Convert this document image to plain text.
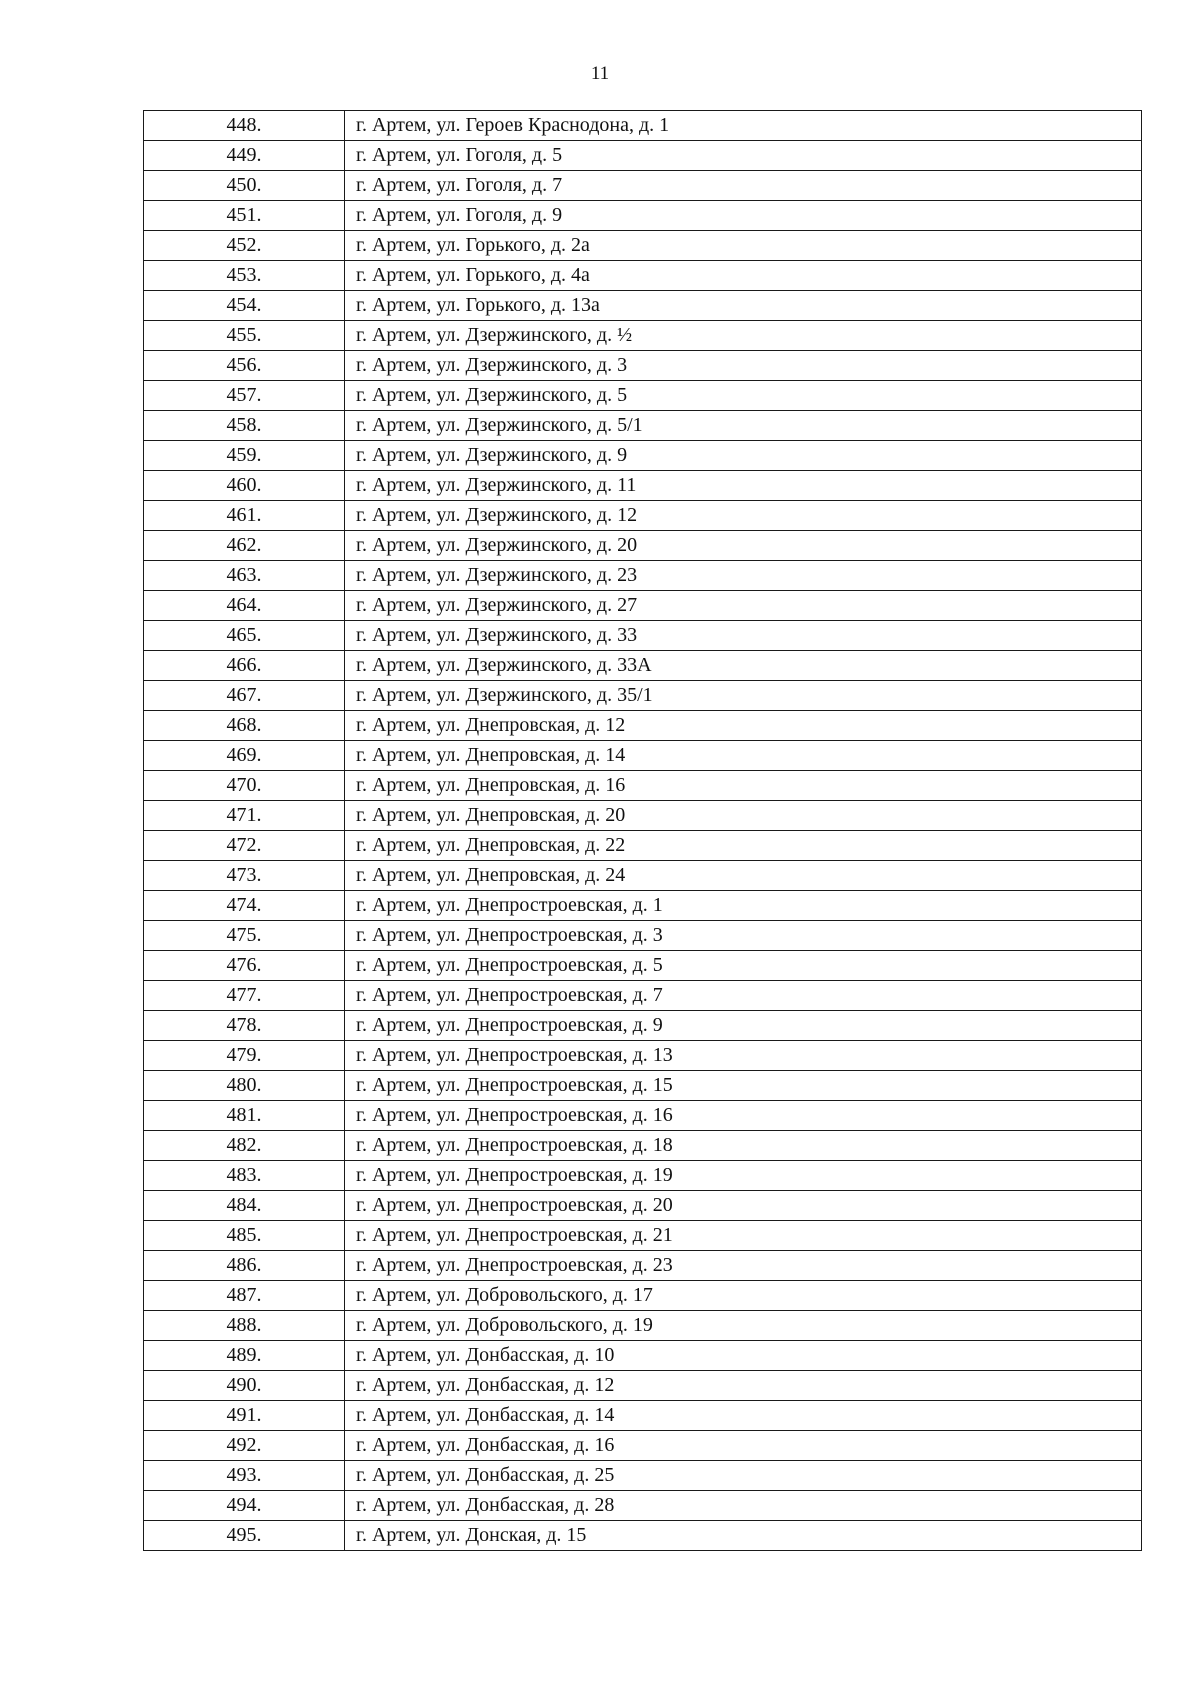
11
448.	г. Артем, ул. Героев Краснодона, д. 1
449.	г. Артем, ул. Гоголя, д. 5
450.	г. Артем, ул. Гоголя, д. 7
451.	г. Артем, ул. Гоголя, д. 9
452.	г. Артем, ул. Горького, д. 2а
453.	г. Артем, ул. Горького, д. 4а
454.	г. Артем, ул. Горького, д. 13а
455.	г. Артем, ул. Дзержинского, д. ½
456.	г. Артем, ул. Дзержинского, д. 3
457.	г. Артем, ул. Дзержинского, д. 5
458.	г. Артем, ул. Дзержинского, д. 5/1
459.	г. Артем, ул. Дзержинского, д. 9
460.	г. Артем, ул. Дзержинского, д. 11
461.	г. Артем, ул. Дзержинского, д. 12
462.	г. Артем, ул. Дзержинского, д. 20
463.	г. Артем, ул. Дзержинского, д. 23
464.	г. Артем, ул. Дзержинского, д. 27
465.	г. Артем, ул. Дзержинского, д. 33
466.	г. Артем, ул. Дзержинского, д. 33А
467.	г. Артем, ул. Дзержинского, д. 35/1
468.	г. Артем, ул. Днепровская, д. 12
469.	г. Артем, ул. Днепровская, д. 14
470.	г. Артем, ул. Днепровская, д. 16
471.	г. Артем, ул. Днепровская, д. 20
472.	г. Артем, ул. Днепровская, д. 22
473.	г. Артем, ул. Днепровская, д. 24
474.	г. Артем, ул. Днепростроевская, д. 1
475.	г. Артем, ул. Днепростроевская, д. 3
476.	г. Артем, ул. Днепростроевская, д. 5
477.	г. Артем, ул. Днепростроевская, д. 7
478.	г. Артем, ул. Днепростроевская, д. 9
479.	г. Артем, ул. Днепростроевская, д. 13
480.	г. Артем, ул. Днепростроевская, д. 15
481.	г. Артем, ул. Днепростроевская, д. 16
482.	г. Артем, ул. Днепростроевская, д. 18
483.	г. Артем, ул. Днепростроевская, д. 19
484.	г. Артем, ул. Днепростроевская, д. 20
485.	г. Артем, ул. Днепростроевская, д. 21
486.	г. Артем, ул. Днепростроевская, д. 23
487.	г. Артем, ул. Добровольского, д. 17
488.	г. Артем, ул. Добровольского, д. 19
489.	г. Артем, ул. Донбасская, д. 10
490.	г. Артем, ул. Донбасская, д. 12
491.	г. Артем, ул. Донбасская, д. 14
492.	г. Артем, ул. Донбасская, д. 16
493.	г. Артем, ул. Донбасская, д. 25
494.	г. Артем, ул. Донбасская, д. 28
495.	г. Артем, ул. Донская, д. 15
